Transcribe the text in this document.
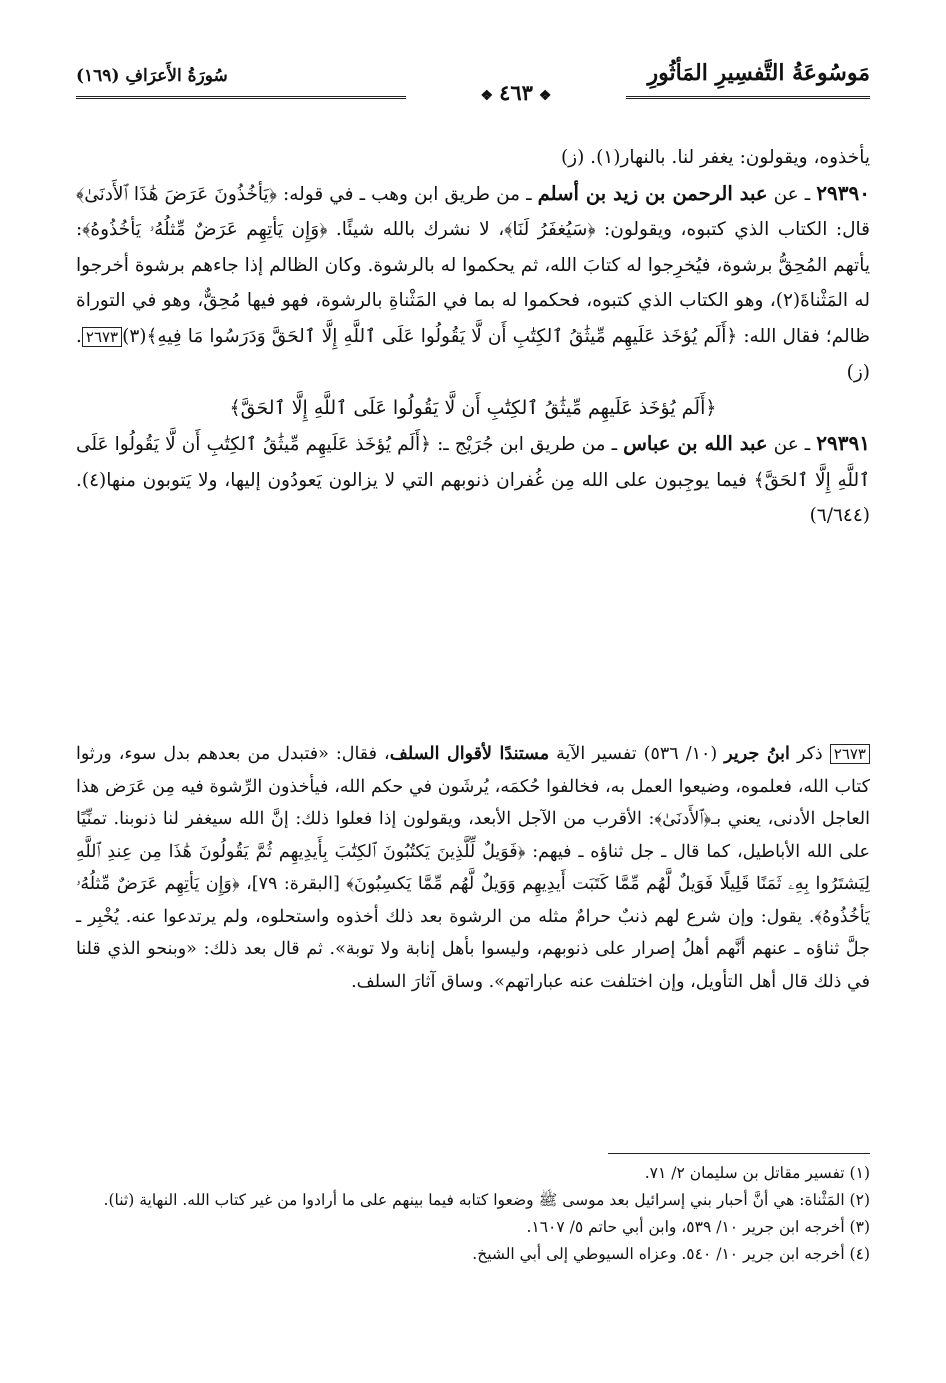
مَوسُوعَةُ التَّفسِيرِ المَأثُورِ
سُورَةُ الأَعرَافِ (١٦٩)
❖٤٦٣❖

يأخذوه، ويقولون: يغفر لنا. بالنهار(١). (ز)

٢٩٣٩٠ ـ عن عبد الرحمن بن زيد بن أسلم ـ من طريق ابن وهب ـ في قوله: ﴿يَأخُذُونَ عَرَضَ هَٰذَا ٱلأَدنَىٰ﴾ قال: الكتاب الذي كتبوه، ويقولون: ﴿سَيُغفَرُ لَنَا﴾، لا نشرك بالله شيئًا. ﴿وَإِن يَأتِهِم عَرَضٌ مِّثلُهُۥ يَأخُذُوهُ﴾: يأتهم المُحِقُّ برشوة، فيُخرِجوا له كتابَ الله، ثم يحكموا له بالرشوة. وكان الظالم إذا جاءهم برشوة أخرجوا له المَثْناةَ(٢)، وهو الكتاب الذي كتبوه، فحكموا له بما في المَثْناةِ بالرشوة، فهو فيها مُحِقٌّ، وهو في التوراة ظالم؛ فقال الله: ﴿أَلَم يُؤخَذ عَلَيهِم مِّيثَٰقُ ٱلكِتَٰبِ أَن لَّا يَقُولُوا عَلَى ٱللَّهِ إِلَّا ٱلحَقَّ وَدَرَسُوا مَا فِيهِ﴾(٣)٢٦٧٣. (ز)

﴿أَلَم يُؤخَذ عَلَيهِم مِّيثَٰقُ ٱلكِتَٰبِ أَن لَّا يَقُولُوا عَلَى ٱللَّهِ إِلَّا ٱلحَقَّ﴾

٢٩٣٩١ ـ عن عبد الله بن عباس ـ من طريق ابن جُرَيْج ـ: ﴿أَلَم يُؤخَذ عَلَيهِم مِّيثَٰقُ ٱلكِتَٰبِ أَن لَّا يَقُولُوا عَلَى ٱللَّهِ إِلَّا ٱلحَقَّ﴾ فيما يوجِبون على الله مِن غُفران ذنوبهم التي لا يزالون يَعودُون إليها، ولا يَتوبون منها(٤). (٦/٦٤٤)

٢٦٧٣ ذكر ابنُ جرير (١٠/ ٥٣٦) تفسير الآية مستندًا لأقوال السلف، فقال: «فتبدل من بعدهم بدل سوء، ورثوا كتاب الله، فعلموه، وضيعوا العمل به، فخالفوا حُكمَه، يُرشَون في حكم الله، فيأخذون الرِّشوة فيه مِن عَرَض هذا العاجل الأدنى، يعني بـ﴿ٱلأَدنَىٰ﴾: الأقرب من الآجل الأبعد، ويقولون إذا فعلوا ذلك: إنَّ الله سيغفر لنا ذنوبنا. تمنِّيًا على الله الأباطيل، كما قال ـ جل ثناؤه ـ فيهم: ﴿فَوَيلٌ لِّلَّذِينَ يَكتُبُونَ ٱلكِتَٰبَ بِأَيدِيهِم ثُمَّ يَقُولُونَ هَٰذَا مِن عِندِ ٱللَّهِ لِيَشتَرُوا بِهِۦ ثَمَنًا قَلِيلًا فَوَيلٌ لَّهُم مِّمَّا كَتَبَت أَيدِيهِم وَوَيلٌ لَّهُم مِّمَّا يَكسِبُونَ﴾ [البقرة: ٧٩]، ﴿وَإِن يَأتِهِم عَرَضٌ مِّثلُهُۥ يَأخُذُوهُ﴾. يقول: وإن شرع لهم ذنبٌ حرامٌ مثله من الرشوة بعد ذلك أخذوه واستحلوه، ولم يرتدعوا عنه. يُخْبِر ـ جلَّ ثناؤه ـ عنهم أنَّهم أهلُ إصرار على ذنوبهم، وليسوا بأهل إنابة ولا توبة». ثم قال بعد ذلك: «وبنحو الذي قلنا في ذلك قال أهل التأويل، وإن اختلفت عنه عباراتهم». وساق آثارَ السلف.

(١) تفسير مقاتل بن سليمان ٢/ ٧١.

(٢) المَثْناة: هي أنَّ أحبار بني إسرائيل بعد موسى ﷺ وضعوا كتابه فيما بينهم على ما أرادوا من غير كتاب الله. النهاية (ثنا).

(٣) أخرجه ابن جرير ١٠/ ٥٣٩، وابن أبي حاتم ٥/ ١٦٠٧.

(٤) أخرجه ابن جرير ١٠/ ٥٤٠. وعزاه السيوطي إلى أبي الشيخ.
